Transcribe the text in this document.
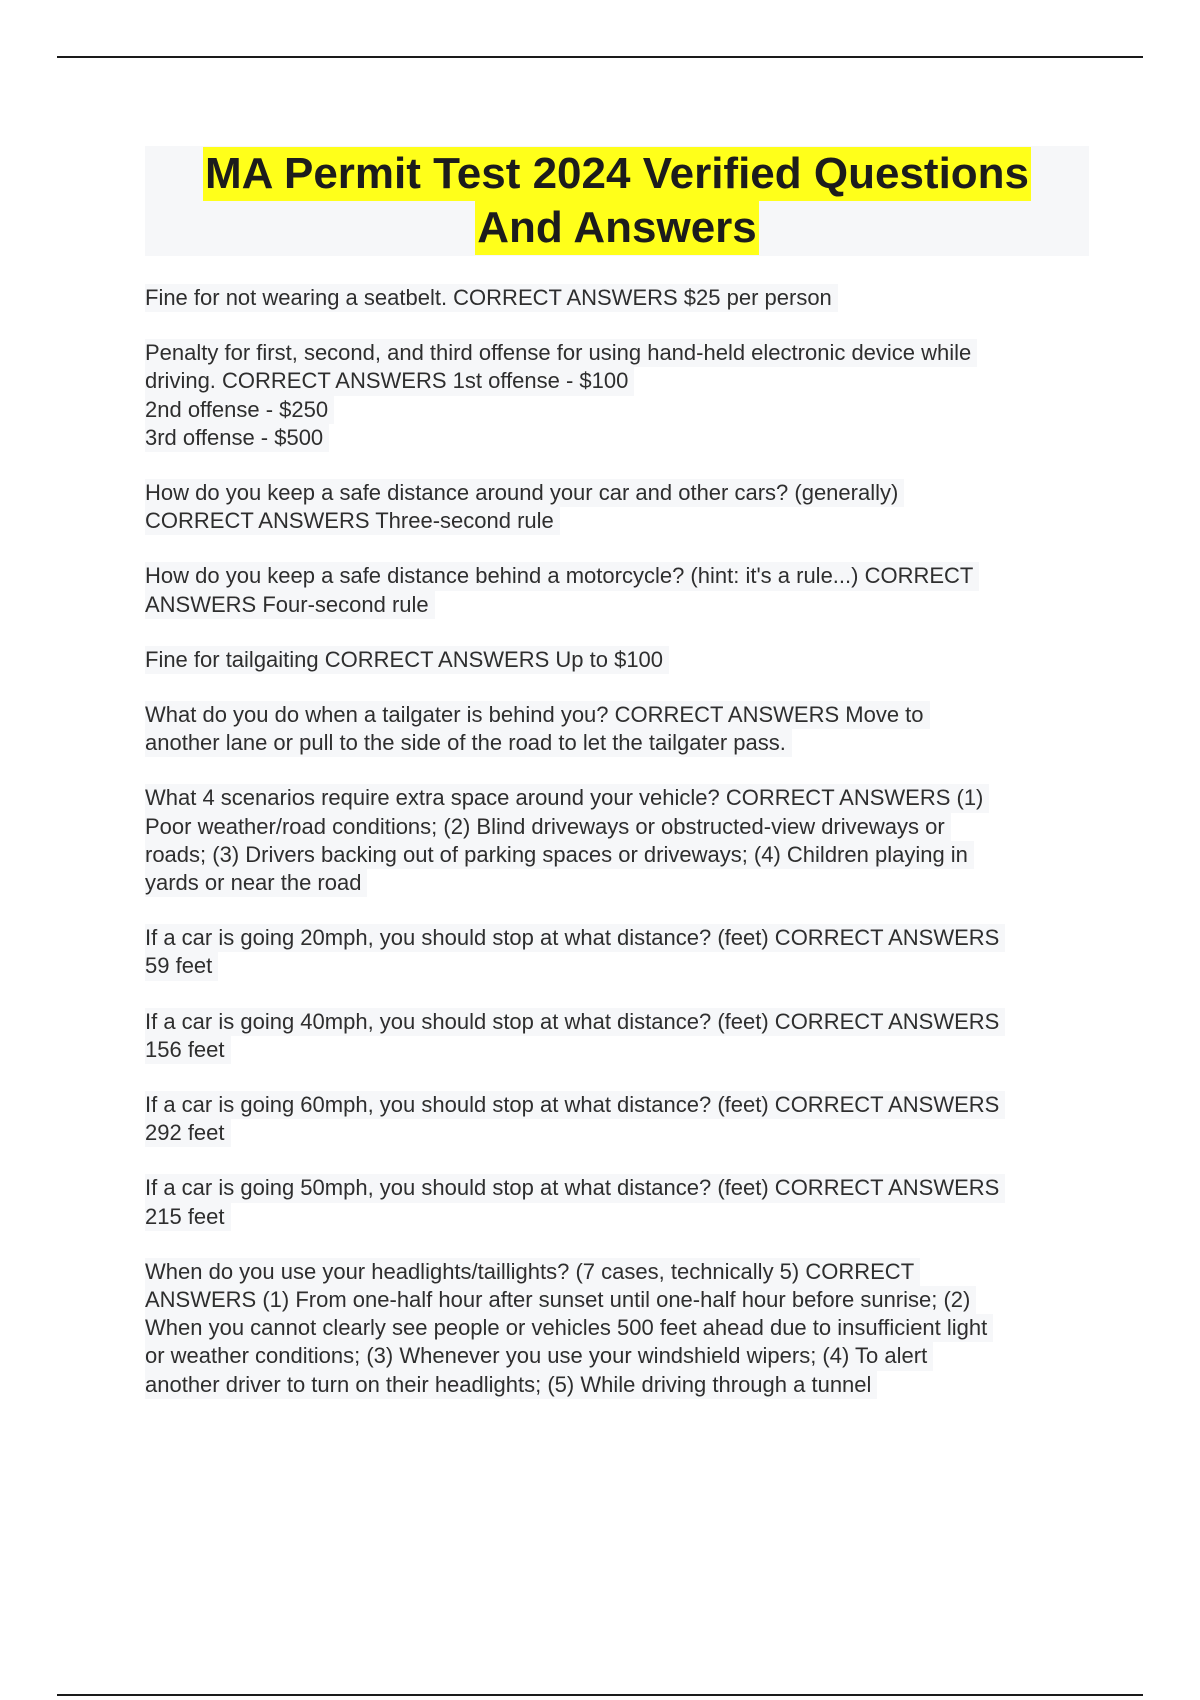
MA Permit Test 2024 Verified Questions
And Answers
Fine for not wearing a seatbelt. CORRECT ANSWERS $25 per person
Penalty for first, second, and third offense for using hand-held electronic device while
driving. CORRECT ANSWERS 1st offense - $100
2nd offense - $250
3rd offense - $500
How do you keep a safe distance around your car and other cars? (generally)
CORRECT ANSWERS Three-second rule
How do you keep a safe distance behind a motorcycle? (hint: it's a rule...) CORRECT
ANSWERS Four-second rule
Fine for tailgaiting CORRECT ANSWERS Up to $100
What do you do when a tailgater is behind you? CORRECT ANSWERS Move to
another lane or pull to the side of the road to let the tailgater pass.
What 4 scenarios require extra space around your vehicle? CORRECT ANSWERS (1)
Poor weather/road conditions; (2) Blind driveways or obstructed-view driveways or
roads; (3) Drivers backing out of parking spaces or driveways; (4) Children playing in
yards or near the road
If a car is going 20mph, you should stop at what distance? (feet) CORRECT ANSWERS
59 feet
If a car is going 40mph, you should stop at what distance? (feet) CORRECT ANSWERS
156 feet
If a car is going 60mph, you should stop at what distance? (feet) CORRECT ANSWERS
292 feet
If a car is going 50mph, you should stop at what distance? (feet) CORRECT ANSWERS
215 feet
When do you use your headlights/taillights? (7 cases, technically 5) CORRECT
ANSWERS (1) From one-half hour after sunset until one-half hour before sunrise; (2)
When you cannot clearly see people or vehicles 500 feet ahead due to insufficient light
or weather conditions; (3) Whenever you use your windshield wipers; (4) To alert
another driver to turn on their headlights; (5) While driving through a tunnel
